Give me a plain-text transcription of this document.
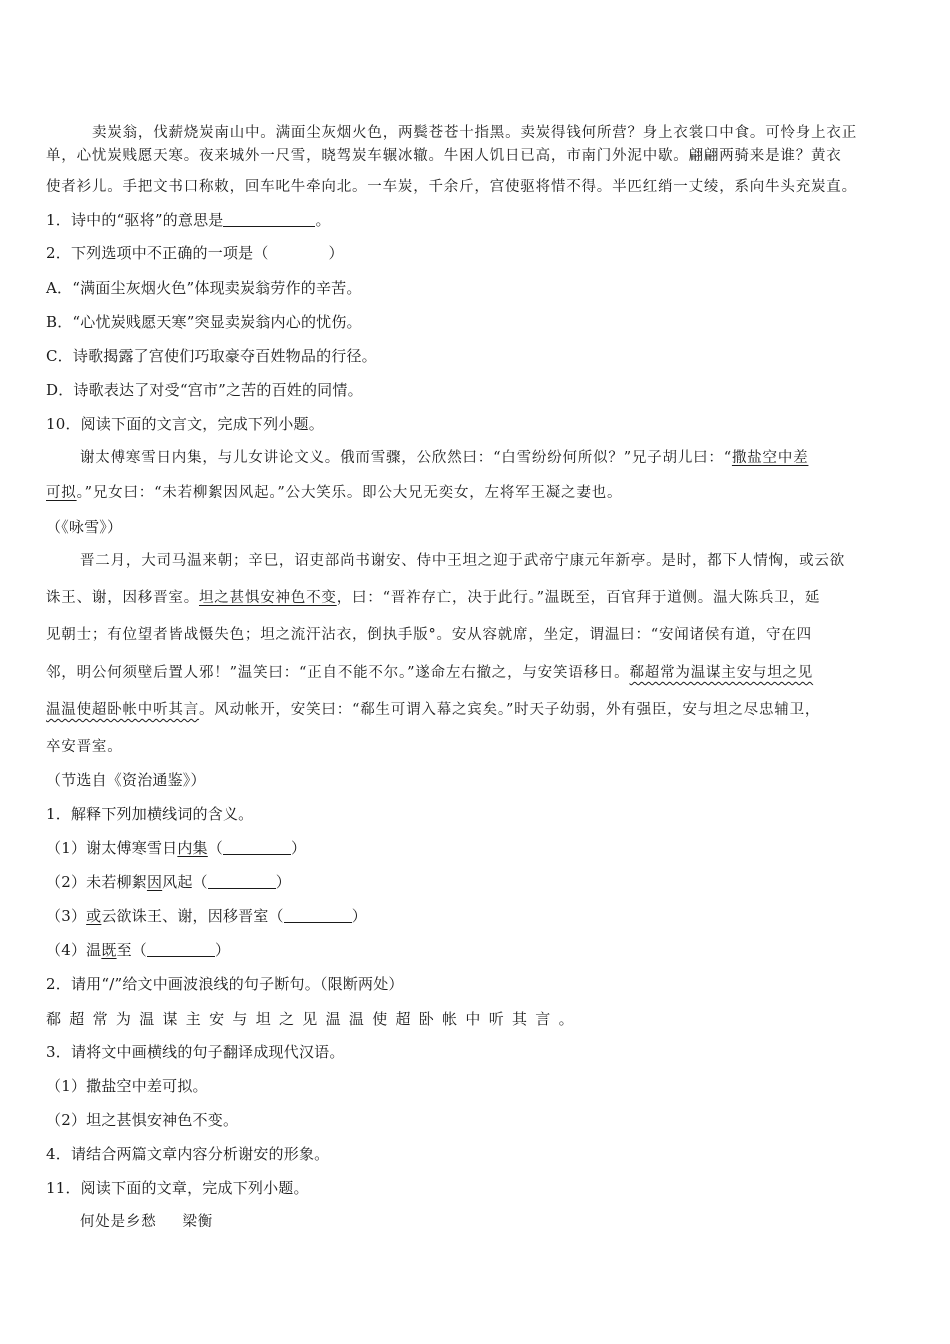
卖炭翁，伐薪烧炭南山中。满面尘灰烟火色，两鬓苍苍十指黑。卖炭得钱何所营？身上衣裳口中食。可怜身上衣正
单，心忧炭贱愿天寒。夜来城外一尺雪，晓驾炭车辗冰辙。牛困人饥日已高，市南门外泥中歇。翩翩两骑来是谁？黄衣
使者衫儿。手把文书口称敕，回车叱牛牵向北。一车炭，千余斤，宫使驱将惜不得。半匹红绡一丈绫，系向牛头充炭直。
1．诗中的“驱将”的意思是	。
2．下列选项中不正确的一项是（	）
A．“满面尘灰烟火色”体现卖炭翁劳作的辛苦。
B．“心忧炭贱愿天寒”突显卖炭翁内心的忧伤。
C．诗歌揭露了宫使们巧取豪夺百姓物品的行径。
D．诗歌表达了对受“宫市”之苦的百姓的同情。
10．阅读下面的文言文，完成下列小题。
谢太傅寒雪日内集，与儿女讲论文义。俄而雪骤，公欣然曰：“白雪纷纷何所似？”兄子胡儿曰：“撒盐空中差
可拟。”兄女曰：“未若柳絮因风起。”公大笑乐。即公大兄无奕女，左将军王凝之妻也。
（《咏雪》）
晋二月，大司马温来朝；辛巳，诏吏部尚书谢安、侍中王坦之迎于武帝宁康元年新亭。是时，都下人情恟，或云欲
诛王、谢，因移晋室。坦之甚惧安神色不变，曰：“晋祚存亡，决于此行。”温既至，百官拜于道侧。温大陈兵卫，延
见朝士；有位望者皆战慑失色；坦之流汗沾衣，倒执手版°。安从容就席，坐定，谓温曰：“安闻诸侯有道，守在四
邻，明公何须壁后置人邪！”温笑曰：“正自不能不尔。”遂命左右撤之，与安笑语移日。郗超常为温谋主安与坦之见
温温使超卧帐中听其言。风动帐开，安笑曰：“郗生可谓入幕之宾矣。”时天子幼弱，外有强臣，安与坦之尽忠辅卫，
卒安晋室。
（节选自《资治通鉴》）
1．解释下列加横线词的含义。
（1）谢太傅寒雪日内集（	）
（2）未若柳絮因风起（	）
（3）或云欲诛王、谢，因移晋室（	）
（4）温既至（	）
2．请用“/”给文中画波浪线的句子断句。（限断两处）
郗超常为温谋主安与坦之见温温使超卧帐中听其言。
3．请将文中画横线的句子翻译成现代汉语。
（1）撒盐空中差可拟。
（2）坦之甚惧安神色不变。
4．请结合两篇文章内容分析谢安的形象。
11．阅读下面的文章，完成下列小题。
何处是乡愁 梁衡
